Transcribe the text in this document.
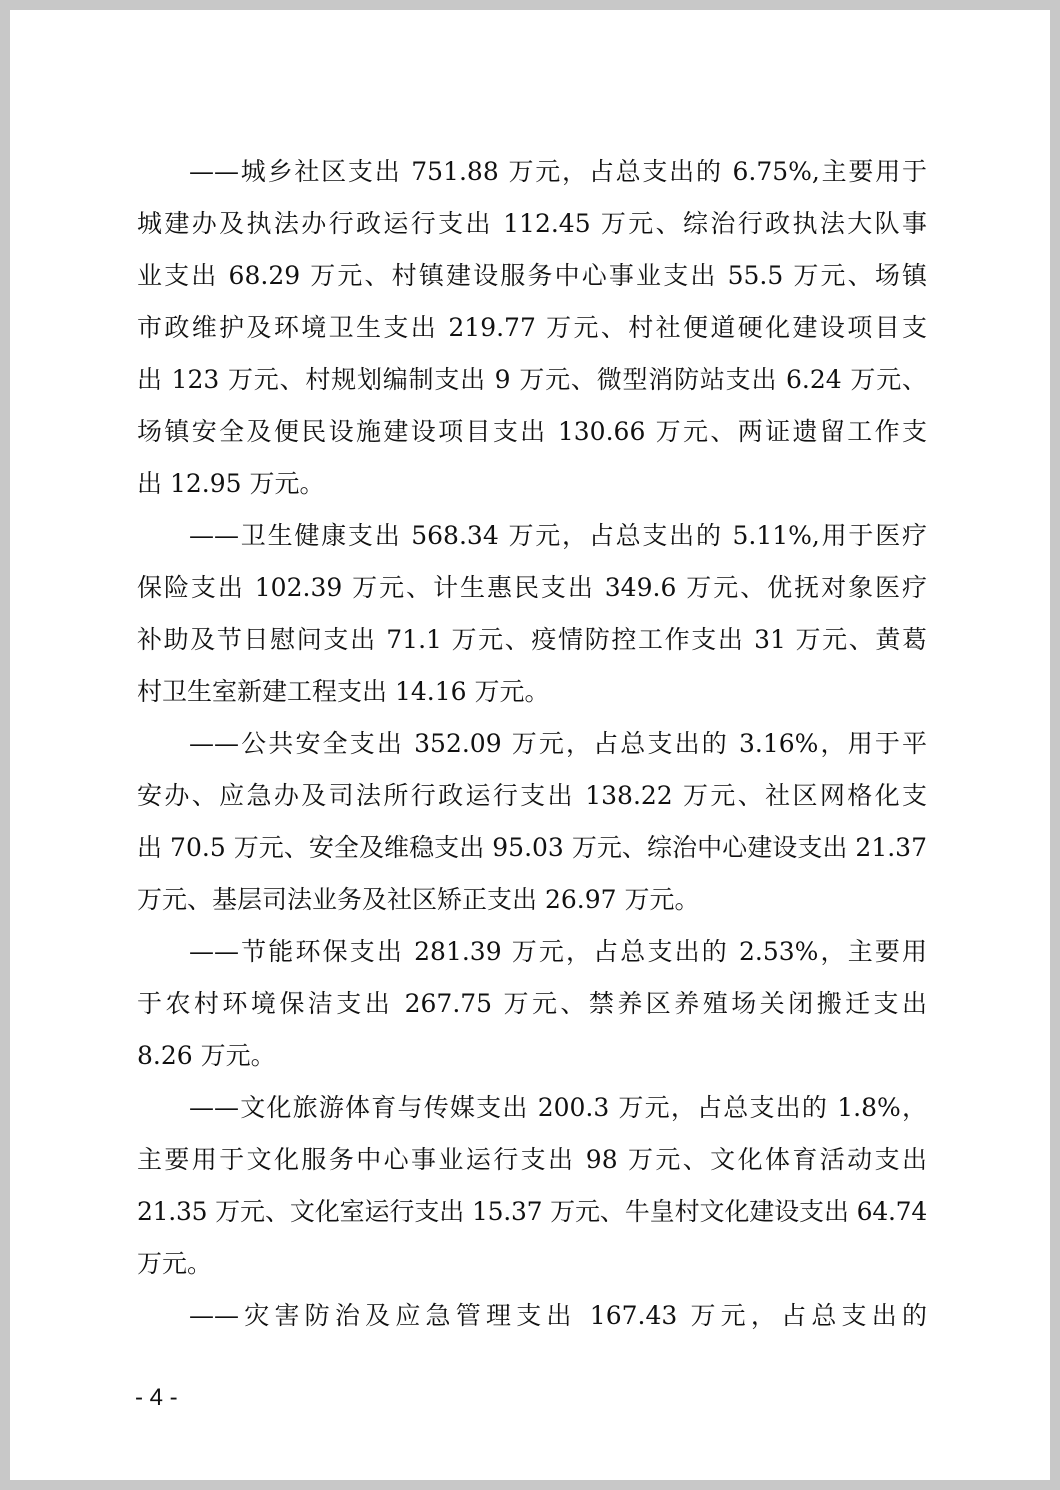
——城乡社区支出 751.88 万元，占总支出的 6.75%,主要用于
城建办及执法办行政运行支出 112.45 万元、综治行政执法大队事
业支出 68.29 万元、村镇建设服务中心事业支出 55.5 万元、场镇
市政维护及环境卫生支出 219.77 万元、村社便道硬化建设项目支
出 123 万元、村规划编制支出 9 万元、微型消防站支出 6.24 万元、
场镇安全及便民设施建设项目支出 130.66 万元、两证遗留工作支
出 12.95 万元。
——卫生健康支出 568.34 万元，占总支出的 5.11%,用于医疗
保险支出 102.39 万元、计生惠民支出 349.6 万元、优抚对象医疗
补助及节日慰问支出 71.1 万元、疫情防控工作支出 31 万元、黄葛
村卫生室新建工程支出 14.16 万元。
——公共安全支出 352.09 万元，占总支出的 3.16%，用于平
安办、应急办及司法所行政运行支出 138.22 万元、社区网格化支
出 70.5 万元、安全及维稳支出 95.03 万元、综治中心建设支出 21.37
万元、基层司法业务及社区矫正支出 26.97 万元。
——节能环保支出 281.39 万元，占总支出的 2.53%，主要用
于农村环境保洁支出 267.75 万元、禁养区养殖场关闭搬迁支出
8.26 万元。
——文化旅游体育与传媒支出 200.3 万元，占总支出的 1.8%，
主要用于文化服务中心事业运行支出 98 万元、文化体育活动支出
21.35 万元、文化室运行支出 15.37 万元、牛皇村文化建设支出 64.74
万元。
——灾害防治及应急管理支出 167.43 万元，占总支出的
- 4 -
